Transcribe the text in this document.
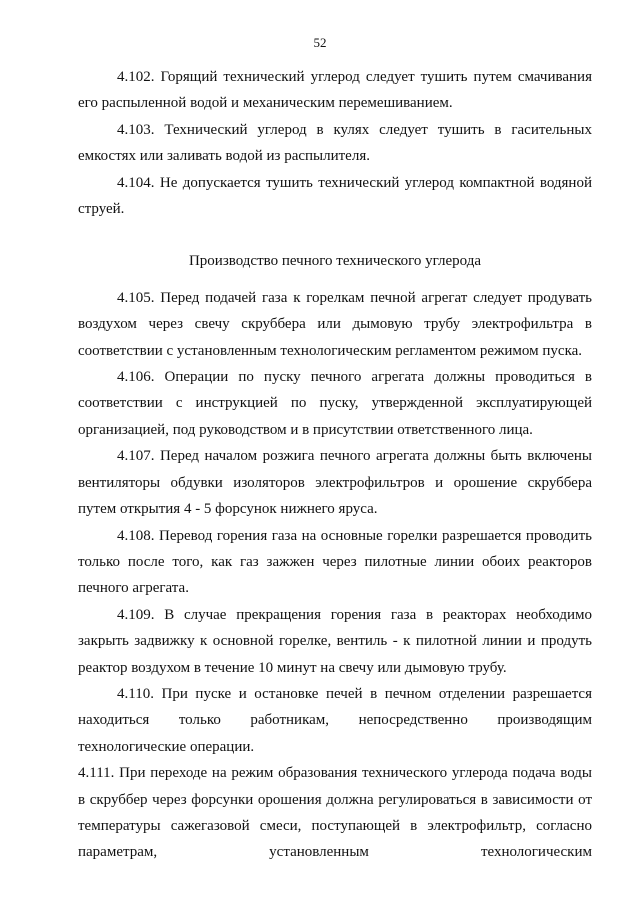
52

4.102. Горящий технический углерод следует тушить путем смачивания его распыленной водой и механическим перемешиванием.

4.103. Технический углерод в кулях следует тушить в гасительных емкостях или заливать водой из распылителя.

4.104. Не допускается тушить технический углерод компактной водяной струей.

Производство печного технического углерода

4.105. Перед подачей газа к горелкам печной агрегат следует продувать воздухом через свечу скруббера или дымовую трубу электрофильтра в соответствии с установленным технологическим регламентом режимом пуска.

4.106. Операции по пуску печного агрегата должны проводиться в соответствии с инструкцией по пуску, утвержденной эксплуатирующей организацией, под руководством и в присутствии ответственного лица.

4.107. Перед началом розжига печного агрегата должны быть включены вентиляторы обдувки изоляторов электрофильтров и орошение скруббера путем открытия 4 - 5 форсунок нижнего яруса.

4.108. Перевод горения газа на основные горелки разрешается проводить только после того, как газ зажжен через пилотные линии обоих реакторов печного агрегата.

4.109. В случае прекращения горения газа в реакторах необходимо закрыть задвижку к основной горелке, вентиль - к пилотной линии и продуть реактор воздухом в течение 10 минут на свечу или дымовую трубу.

4.110. При пуске и остановке печей в печном отделении разрешается находиться только работникам, непосредственно производящим технологические операции.

4.111. При переходе на режим образования технического углерода подача воды в скруббер через форсунки орошения должна регулироваться в зависимости от температуры сажегазовой смеси, поступающей в электрофильтр, согласно параметрам, установленным технологическим
